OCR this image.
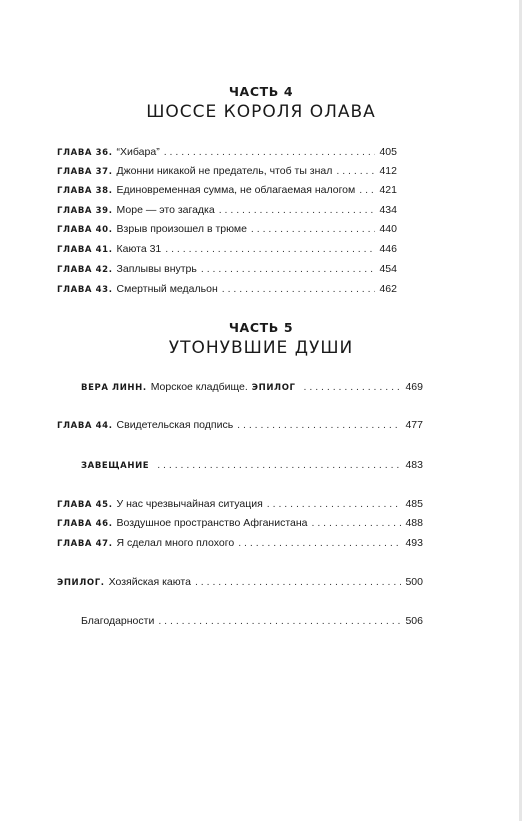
ЧАСТЬ 4
ШОССЕ КОРОЛЯ ОЛАВА
ГЛАВА 36. “Хибара” . . .	405
ГЛАВА 37. Джонни никакой не предатель, чтоб ты знал . . .	412
ГЛАВА 38. Единовременная сумма, не облагаемая налогом . . . 421
ГЛАВА 39. Море — это загадка . . .	434
ГЛАВА 40. Взрыв произошел в трюме . . .	440
ГЛАВА 41. Каюта 31 . . .	446
ГЛАВА 42. Заплывы внутрь . . .	454
ГЛАВА 43. Смертный медальон . . .	462
ЧАСТЬ 5
УТОНУВШИЕ ДУШИ
ВЕРА ЛИНН. Морское кладбище. ЭПИЛОГ . . .	469
ГЛАВА 44. Свидетельская подпись . . .	477
ЗАВЕЩАНИЕ . . .	483
ГЛАВА 45. У нас чрезвычайная ситуация . . .	485
ГЛАВА 46. Воздушное пространство Афганистана . . .	488
ГЛАВА 47. Я сделал много плохого . . .	493
ЭПИЛОГ. Хозяйская каюта . . .	500
Благодарности . . .	506
